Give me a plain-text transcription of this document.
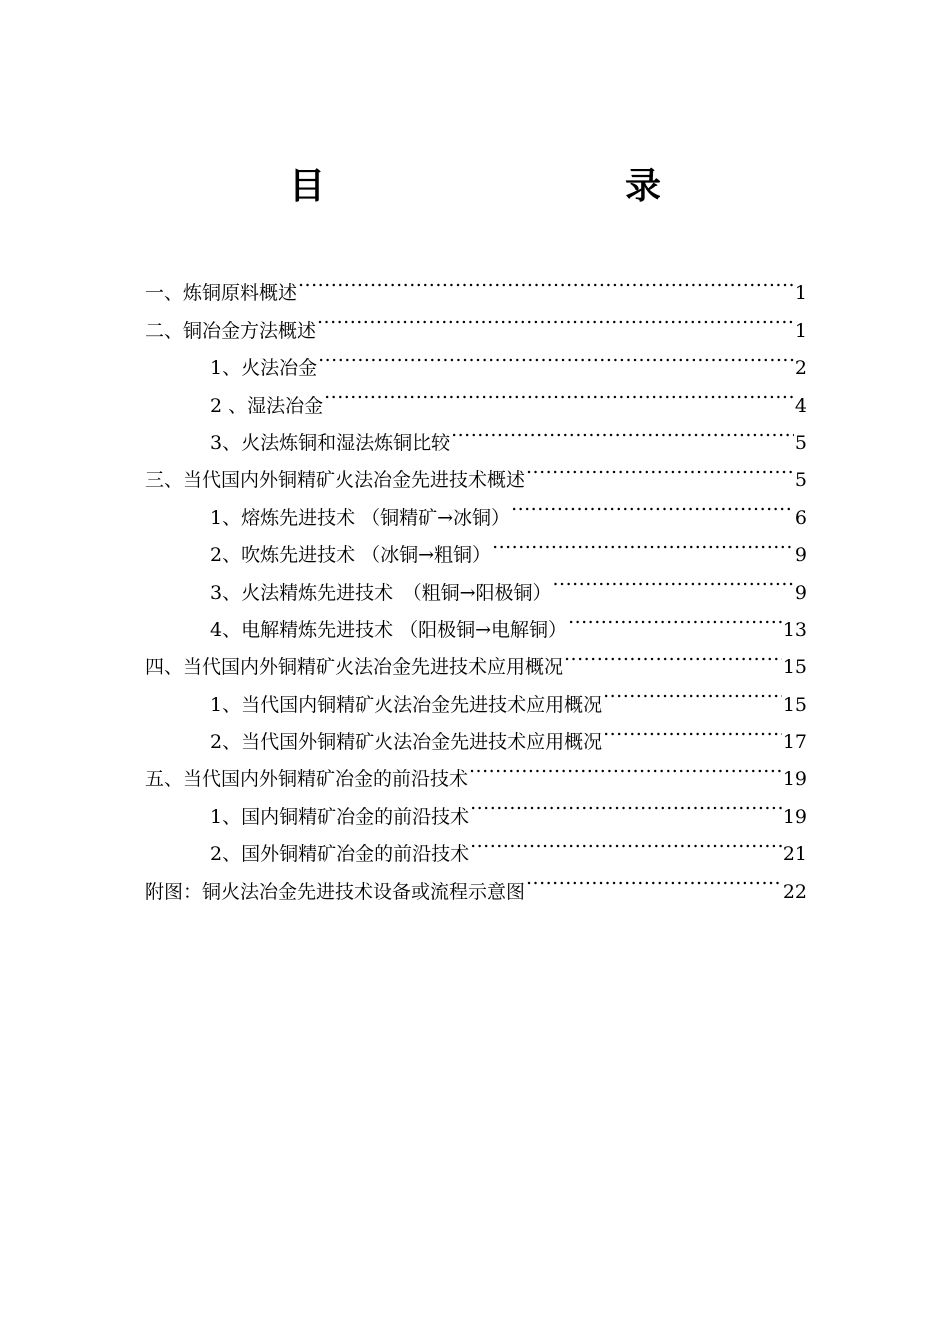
目　　录
一、炼铜原料概述 .....	1
二、铜冶金方法概述 .....	1
1、火法冶金 .....	2
2 、湿法冶金 .....	4
3、火法炼铜和湿法炼铜比较 .....	5
三、当代国内外铜精矿火法冶金先进技术概述 .....	5
1、熔炼先进技术 （铜精矿→冰铜） .....	6
2、吹炼先进技术 （冰铜→粗铜） .....	9
3、火法精炼先进技术　（粗铜→阳极铜） .....	9
4、电解精炼先进技术 （阳极铜→电解铜） .....	13
四、当代国内外铜精矿火法冶金先进技术应用概况 .....	15
1、当代国内铜精矿火法冶金先进技术应用概况 .....	15
2、当代国外铜精矿火法冶金先进技术应用概况 .....	17
五、当代国内外铜精矿冶金的前沿技术 .....	19
1、国内铜精矿冶金的前沿技术 .....	19
2、国外铜精矿冶金的前沿技术 .....	21
附图：铜火法冶金先进技术设备或流程示意图 .....	22
